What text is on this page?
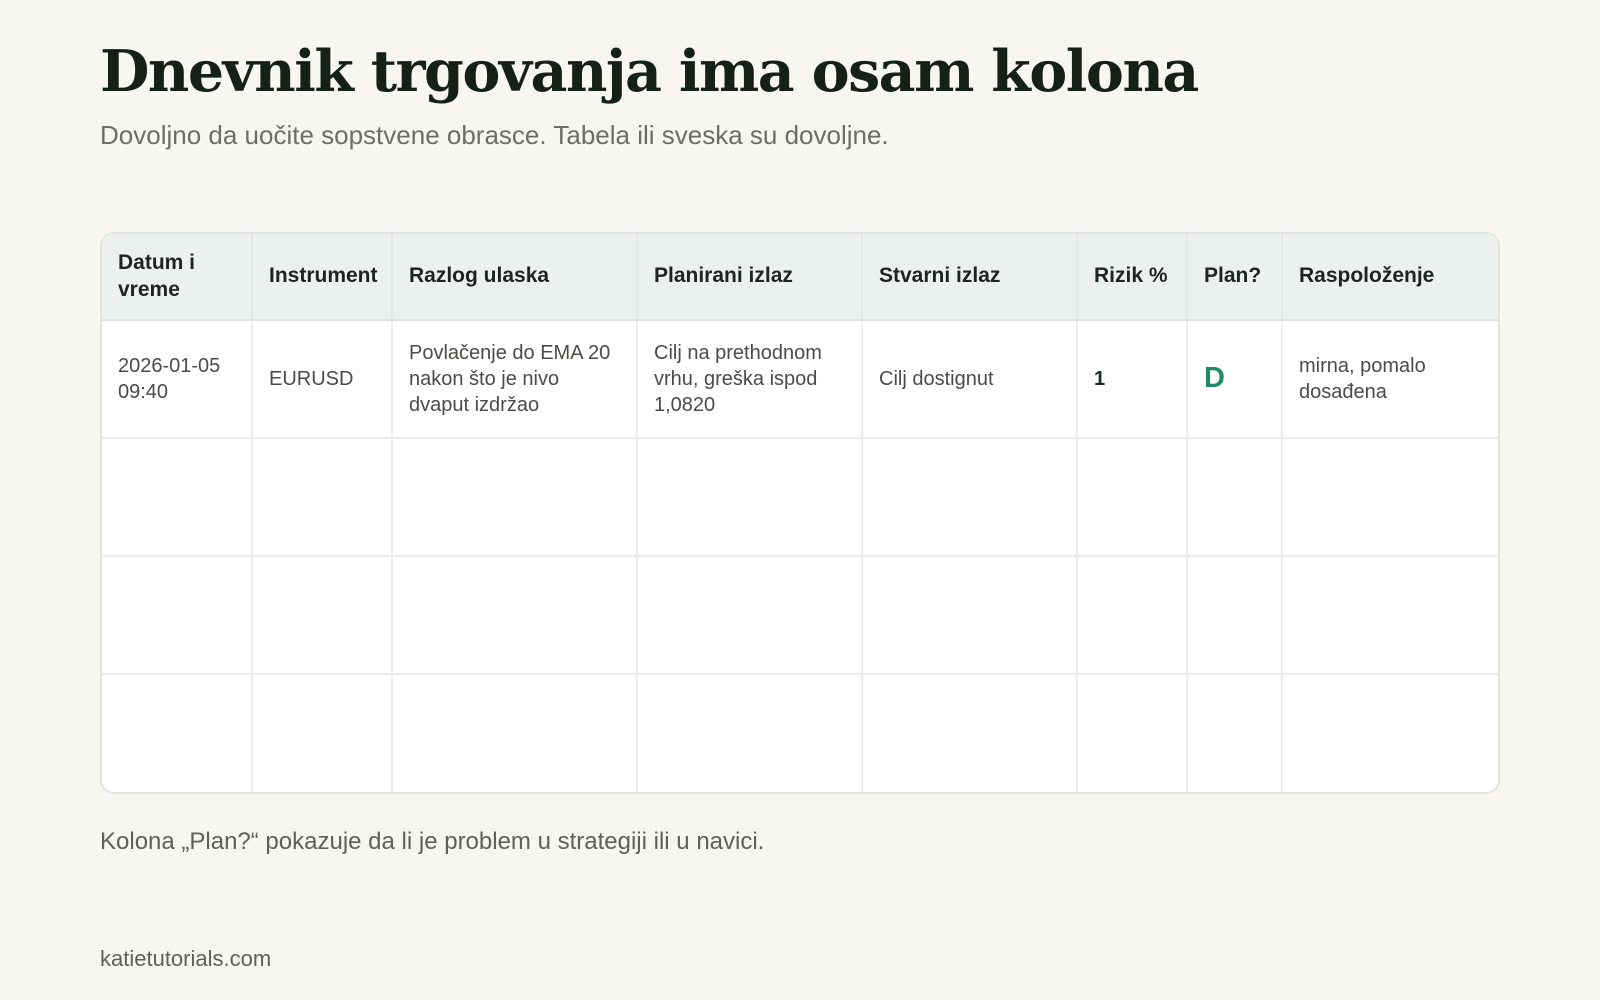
Dnevnik trgovanja ima osam kolona

Dovoljno da uočite sopstvene obrasce. Tabela ili sveska su dovoljne.

Datum i vreme	Instrument	Razlog ulaska	Planirani izlaz	Stvarni izlaz	Rizik %	Plan?	Raspoloženje
2026-01-05 09:40	EURUSD	Povlačenje do EMA 20 nakon što je nivo dvaput izdržao	Cilj na prethodnom vrhu, greška ispod 1,0820	Cilj dostignut	1	D	mirna, pomalo dosađena

Kolona „Plan?“ pokazuje da li je problem u strategiji ili u navici.

katietutorials.com
